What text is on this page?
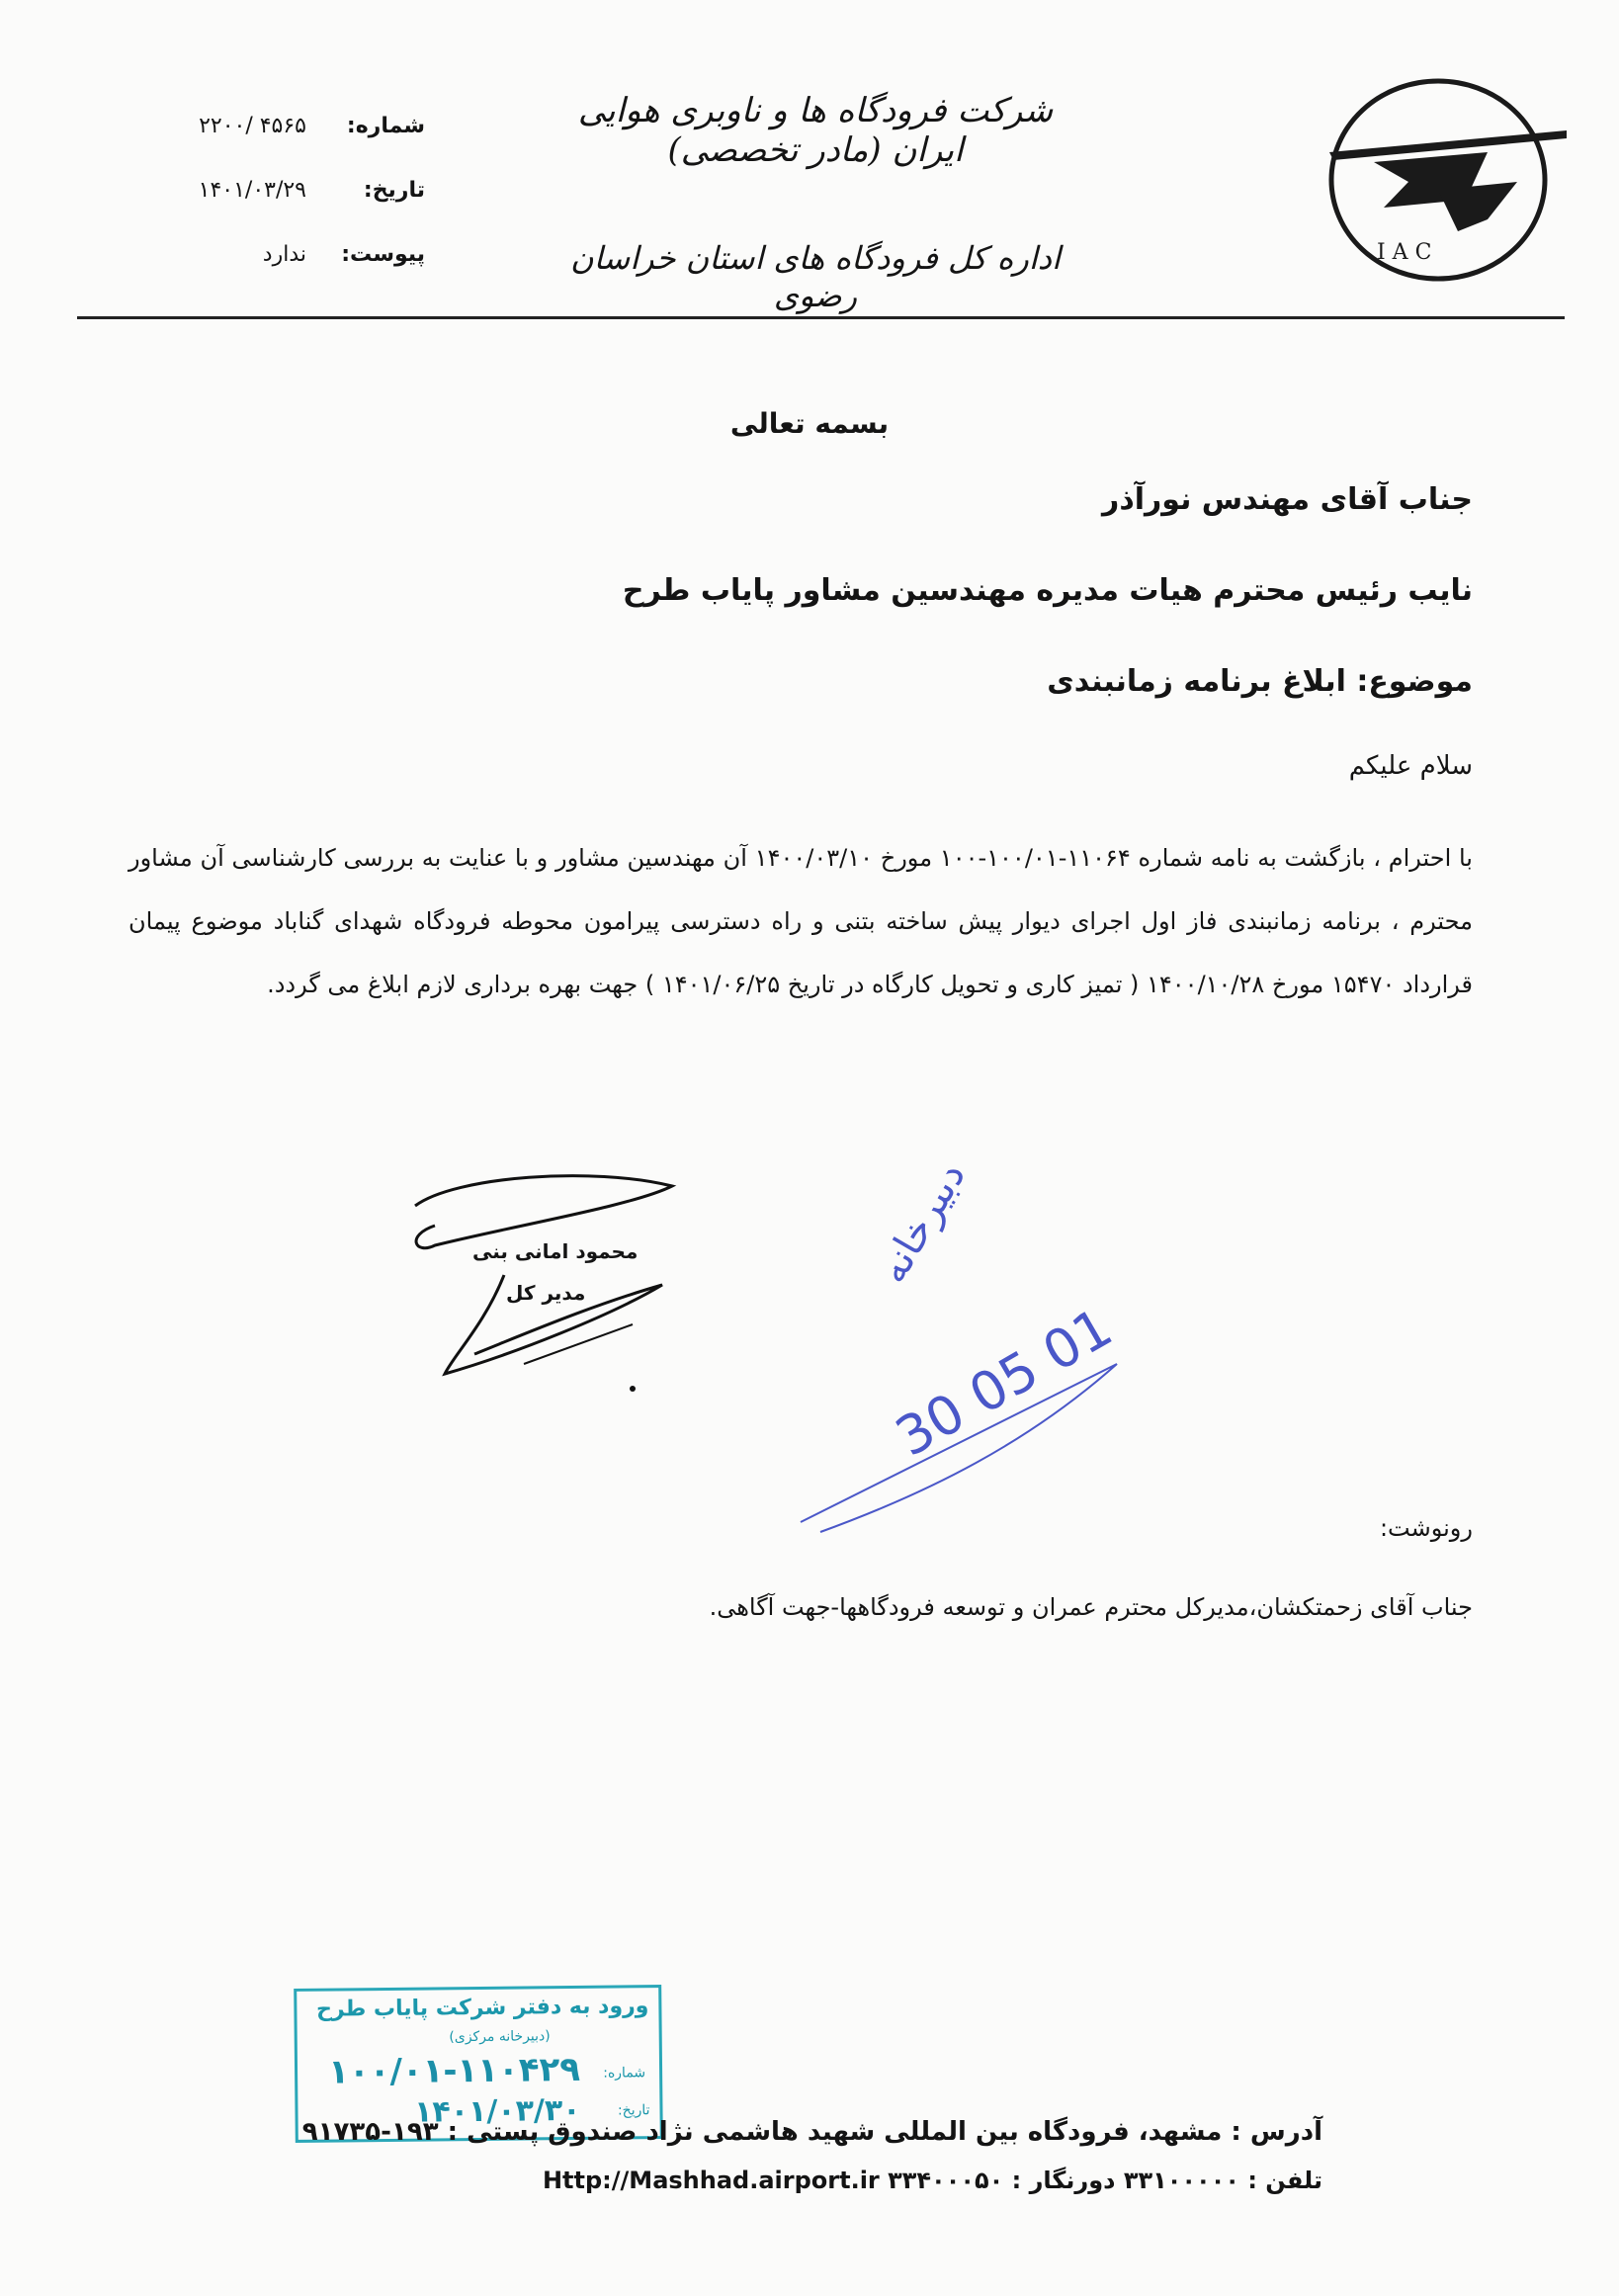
I A C
شرکت فرودگاه ها و ناوبری هوایی ایران (مادر تخصصی)
اداره کل فرودگاه های استان خراسان رضوی
شماره:
۴۵۶۵ /۲۲۰۰
تاریخ:
۱۴۰۱/۰۳/۲۹
پیوست:
ندارد
بسمه تعالی
جناب آقای مهندس نورآذر
نایب رئیس محترم هیات مدیره مهندسین مشاور پایاب طرح
موضوع: ابلاغ برنامه زمانبندی
سلام علیکم
با احترام ، بازگشت به نامه شماره ۱۱۰۶۴-۱۰۰/۰۱-۱۰۰ مورخ ۱۴۰۰/۰۳/۱۰ آن مهندسین مشاور و با عنایت به بررسی کارشناسی آن مشاور محترم ، برنامه زمانبندی فاز اول اجرای دیوار پیش ساخته بتنی و راه دسترسی پیرامون محوطه فرودگاه شهدای گناباد موضوع پیمان قرارداد ۱۵۴۷۰ مورخ ۱۴۰۰/۱۰/۲۸ ( تمیز کاری و تحویل کارگاه در تاریخ ۱۴۰۱/۰۶/۲۵ ) جهت بهره برداری لازم ابلاغ می گردد.
محمود امانی بنی
مدیر کل
دبیرخانه
30 05 01
رونوشت:
جناب آقای زحمتکشان،مدیرکل محترم عمران و توسعه فرودگاهها-جهت آگاهی.
ورود به دفتر شرکت پایاب طرح
(دبیرخانه مرکزی)
شماره:
۱۰۰/۰۱-۱۱۰۴۲۹
تاریخ:
۱۴۰۱/۰۳/۳۰
آدرس : مشهد، فرودگاه بین المللی شهید هاشمی نژاد صندوق پستی : ۱۹۳-۹۱۷۳۵
تلفن : ۳۳۱۰۰۰۰۰ دورنگار : ۳۳۴۰۰۰۵۰ Http://Mashhad.airport.ir
